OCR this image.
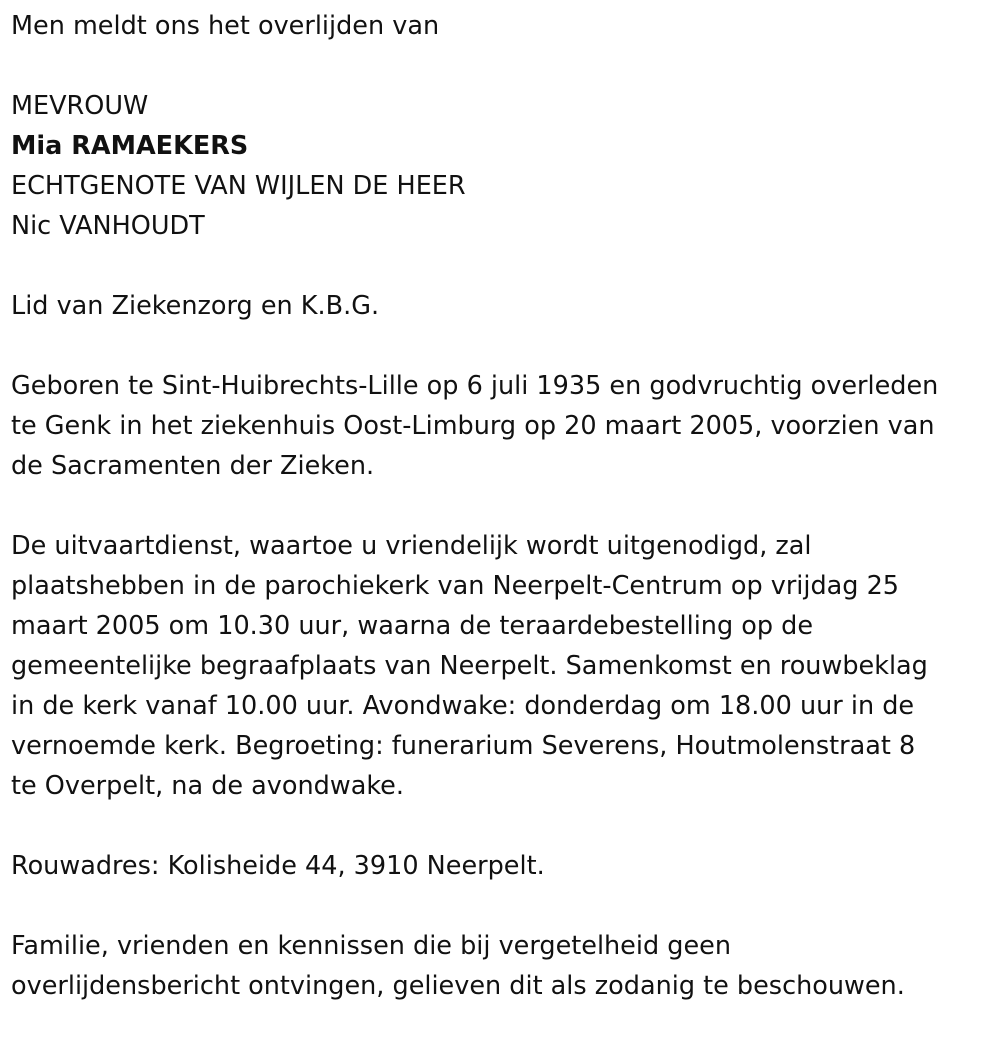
Men meldt ons het overlijden van

MEVROUW

Mia RAMAEKERS

ECHTGENOTE VAN WIJLEN DE HEER

Nic VANHOUDT

Lid van Ziekenzorg en K.B.G.

Geboren te Sint-Huibrechts-Lille op 6 juli 1935 en godvruchtig overleden

te Genk in het ziekenhuis Oost-Limburg op 20 maart 2005, voorzien van

de Sacramenten der Zieken.

De uitvaartdienst, waartoe u vriendelijk wordt uitgenodigd, zal

plaatshebben in de parochiekerk van Neerpelt-Centrum op vrijdag 25

maart 2005 om 10.30 uur, waarna de teraardebestelling op de

gemeentelijke begraafplaats van Neerpelt. Samenkomst en rouwbeklag

in de kerk vanaf 10.00 uur. Avondwake: donderdag om 18.00 uur in de

vernoemde kerk. Begroeting: funerarium Severens, Houtmolenstraat 8

te Overpelt, na de avondwake.

Rouwadres: Kolisheide 44, 3910 Neerpelt.

Familie, vrienden en kennissen die bij vergetelheid geen

overlijdensbericht ontvingen, gelieven dit als zodanig te beschouwen.
